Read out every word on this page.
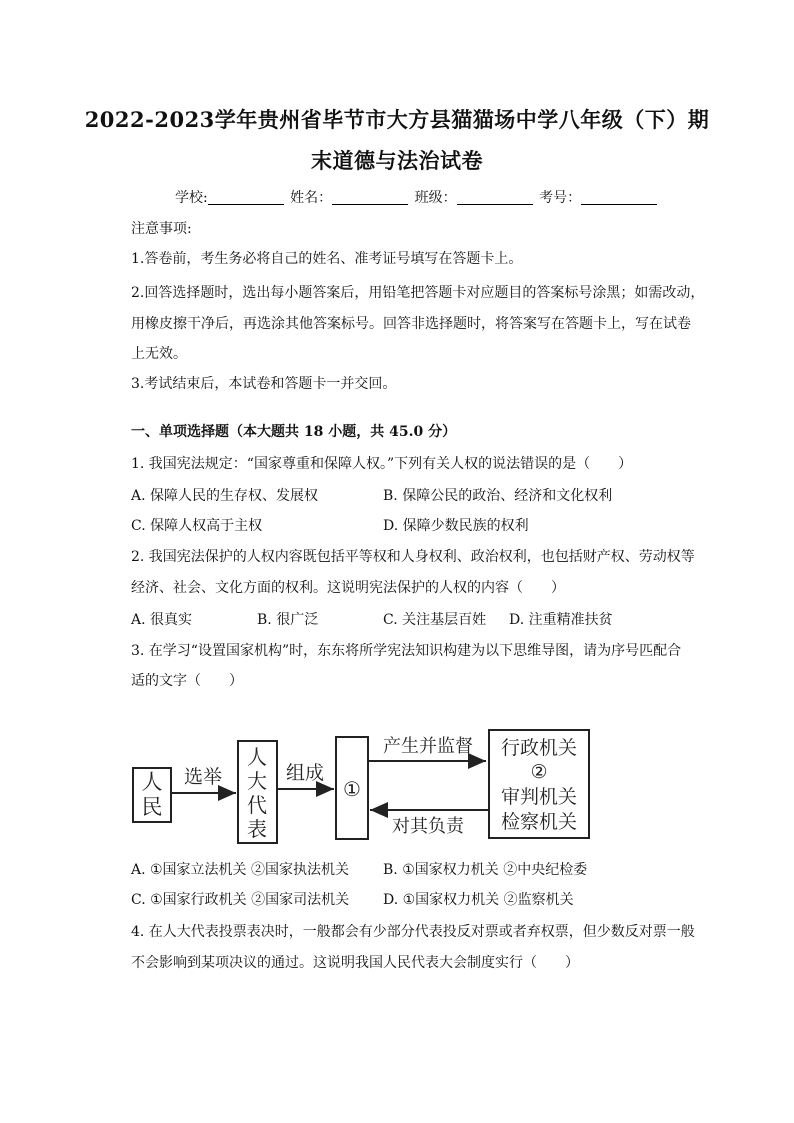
2022-2023学年贵州省毕节市大方县猫猫场中学八年级（下）期
末道德与法治试卷
学校:	姓名：	班级：	考号：
注意事项:
1.答卷前，考生务必将自己的姓名、准考证号填写在答题卡上。
2.回答选择题时，选出每小题答案后，用铅笔把答题卡对应题目的答案标号涂黑；如需改动，
用橡皮擦干净后，再选涂其他答案标号。回答非选择题时，将答案写在答题卡上，写在试卷
上无效。
3.考试结束后，本试卷和答题卡一并交回。
一、单项选择题（本大题共 18 小题，共 45.0 分）
1. 我国宪法规定：“国家尊重和保障人权。”下列有关人权的说法错误的是（　　）
A. 保障人民的生存权、发展权	B. 保障公民的政治、经济和文化权利
C. 保障人权高于主权	D. 保障少数民族的权利
2. 我国宪法保护的人权内容既包括平等权和人身权利、政治权利，也包括财产权、劳动权等
经济、社会、文化方面的权利。这说明宪法保护的人权的内容（　　）
A. 很真实	B. 很广泛	C. 关注基层百姓 D. 注重精准扶贫
3. 在学习“设置国家机构”时，东东将所学宪法知识构建为以下思维导图，请为序号匹配合
适的文字（　　）
人
民
选举
人
大
代
表
组成
①
产生并监督
对其负责
行政机关
②
审判机关
检察机关
A. ①国家立法机关 ②国家执法机关 B. ①国家权力机关 ②中央纪检委
C. ①国家行政机关 ②国家司法机关 D. ①国家权力机关 ②监察机关
4. 在人大代表投票表决时，一般都会有少部分代表投反对票或者弃权票，但少数反对票一般
不会影响到某项决议的通过。这说明我国人民代表大会制度实行（　　）
